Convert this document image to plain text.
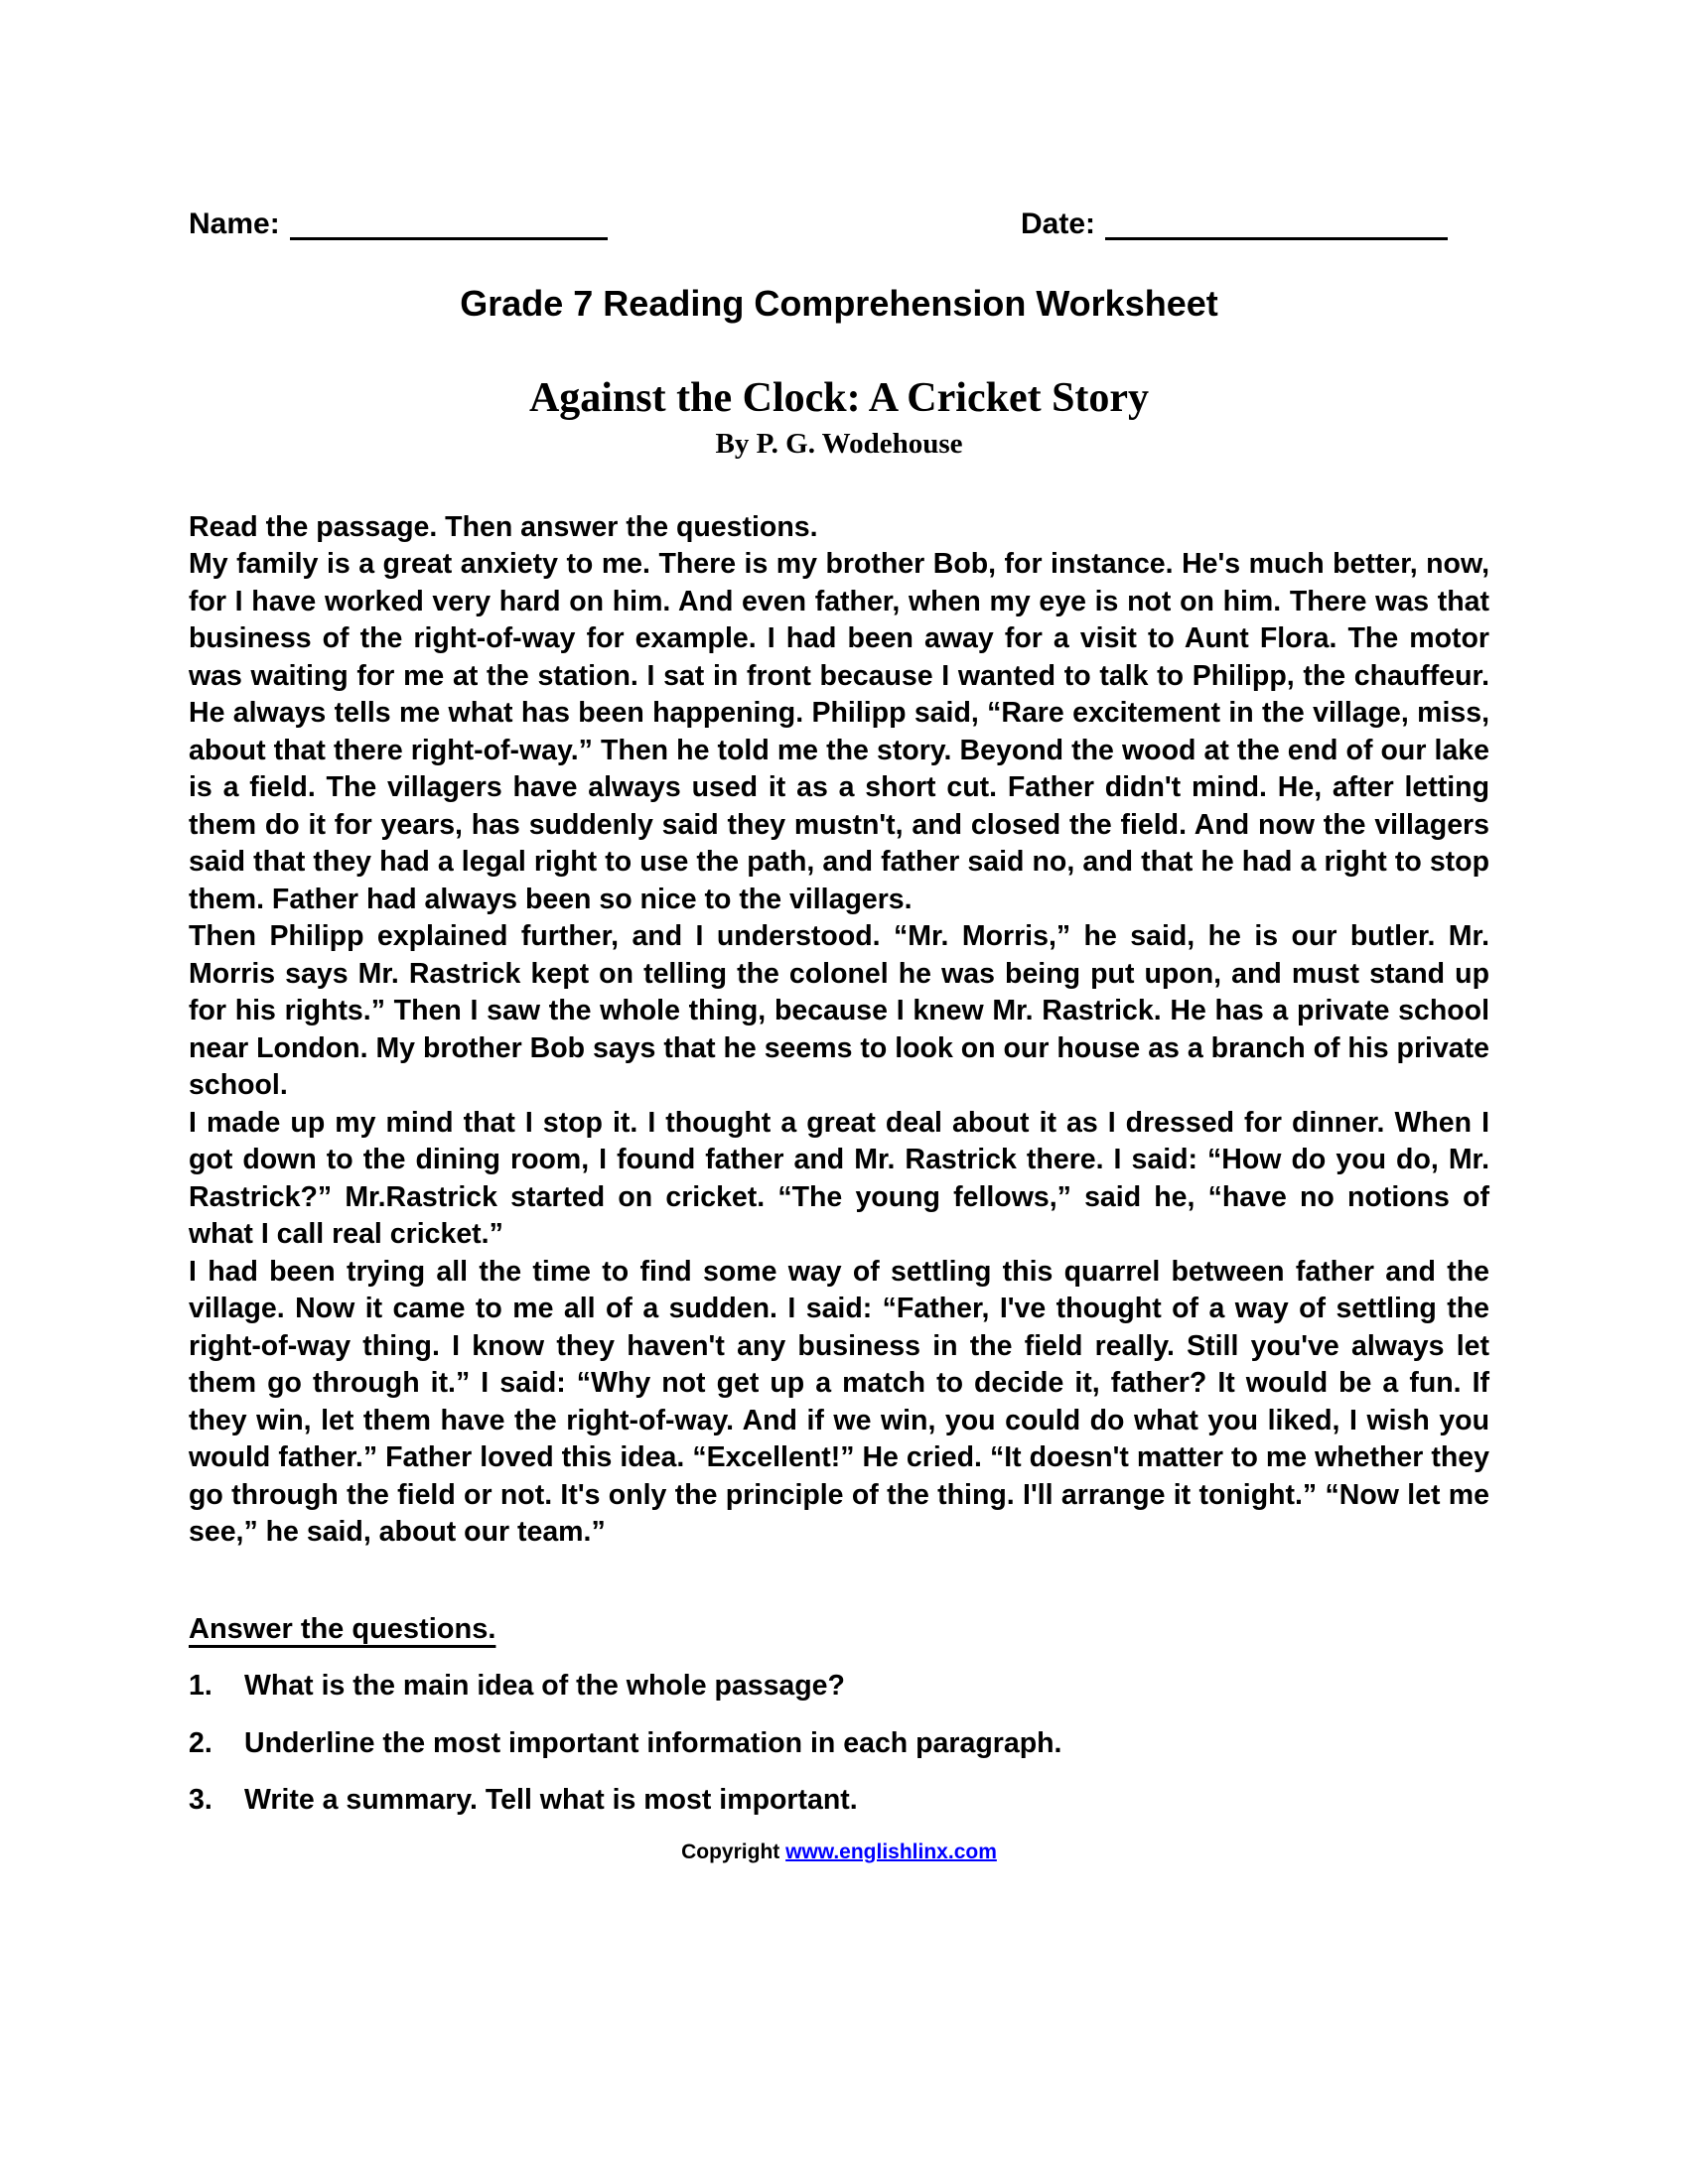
Name:	Date:
Grade 7 Reading Comprehension Worksheet
Against the Clock: A Cricket Story
By P. G. Wodehouse

Read the passage. Then answer the questions.

My family is a great anxiety to me. There is my brother Bob, for instance. He's much better, now, for I have worked very hard on him. And even father, when my eye is not on him. There was that business of the right-of-way for example. I had been away for a visit to Aunt Flora. The motor was waiting for me at the station. I sat in front because I wanted to talk to Philipp, the chauffeur. He always tells me what has been happening. Philipp said, “Rare excitement in the village, miss, about that there right-of-way.” Then he told me the story. Beyond the wood at the end of our lake is a field. The villagers have always used it as a short cut. Father didn't mind. He, after letting them do it for years, has suddenly said they mustn't, and closed the field. And now the villagers said that they had a legal right to use the path, and father said no, and that he had a right to stop them. Father had always been so nice to the villagers.

Then Philipp explained further, and I understood. “Mr. Morris,” he said, he is our butler. Mr. Morris says Mr. Rastrick kept on telling the colonel he was being put upon, and must stand up for his rights.” Then I saw the whole thing, because I knew Mr. Rastrick. He has a private school near London. My brother Bob says that he seems to look on our house as a branch of his private school.

I made up my mind that I stop it. I thought a great deal about it as I dressed for dinner. When I got down to the dining room, I found father and Mr. Rastrick there. I said: “How do you do, Mr. Rastrick?” Mr.Rastrick started on cricket. “The young fellows,” said he, “have no notions of what I call real cricket.”

I had been trying all the time to find some way of settling this quarrel between father and the village. Now it came to me all of a sudden. I said: “Father, I've thought of a way of settling the right-of-way thing. I know they haven't any business in the field really. Still you've always let them go through it.” I said: “Why not get up a match to decide it, father? It would be a fun. If they win, let them have the right-of-way. And if we win, you could do what you liked, I wish you would father.” Father loved this idea. “Excellent!” He cried. “It doesn't matter to me whether they go through the field or not. It's only the principle of the thing. I'll arrange it tonight.” “Now let me see,” he said, about our team.”

Answer the questions.
1.	What is the main idea of the whole passage?
2.	Underline the most important information in each paragraph.
3.	Write a summary. Tell what is most important.
Copyright www.englishlinx.com
